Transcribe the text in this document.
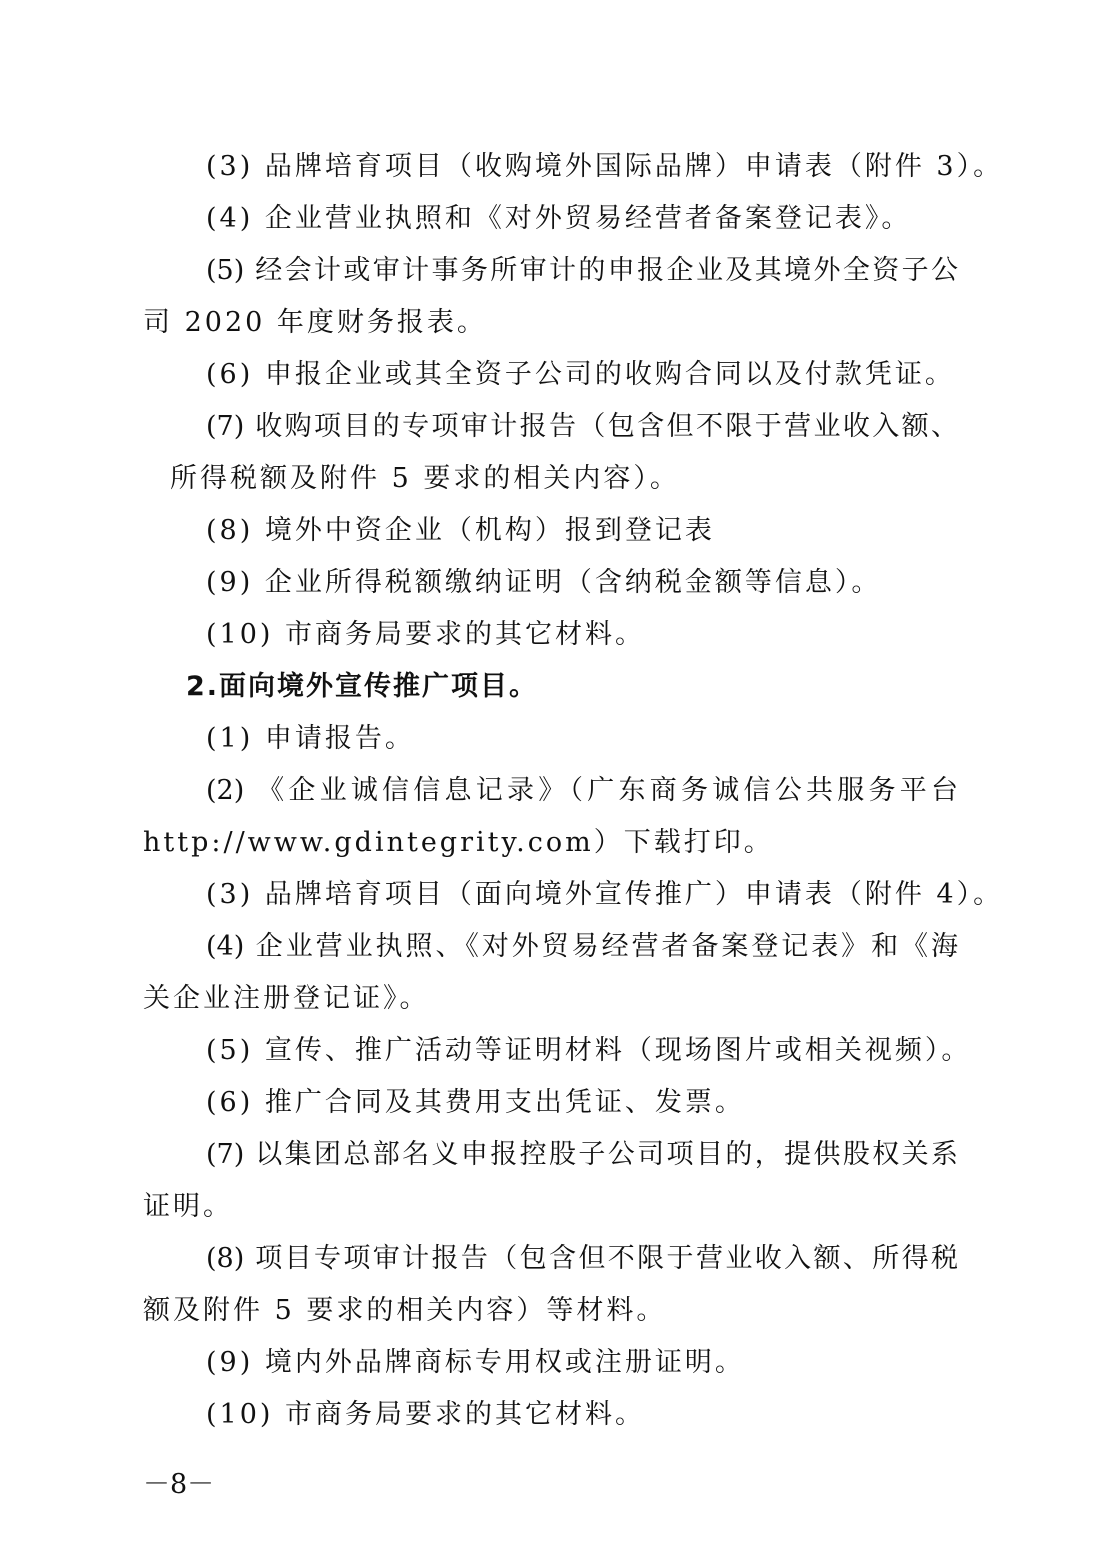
(3) 品牌培育项目（收购境外国际品牌）申请表（附件 3）。
(4) 企业营业执照和《对外贸易经营者备案登记表》。
(5) 经会计或审计事务所审计的申报企业及其境外全资子公
司 2020 年度财务报表。
(6) 申报企业或其全资子公司的收购合同以及付款凭证。
(7) 收购项目的专项审计报告（包含但不限于营业收入额、
所得税额及附件 5 要求的相关内容）。
(8) 境外中资企业（机构）报到登记表
(9) 企业所得税额缴纳证明（含纳税金额等信息）。
(10) 市商务局要求的其它材料。
2.面向境外宣传推广项目。
(1) 申请报告。
(2) 《企业诚信信息记录》（广东商务诚信公共服务平台
http://www.gdintegrity.com）下载打印。
(3) 品牌培育项目（面向境外宣传推广）申请表（附件 4）。
(4) 企业营业执照、《对外贸易经营者备案登记表》和《海
关企业注册登记证》。
(5) 宣传、推广活动等证明材料（现场图片或相关视频）。
(6) 推广合同及其费用支出凭证、发票。
(7) 以集团总部名义申报控股子公司项目的，提供股权关系
证明。
(8) 项目专项审计报告（包含但不限于营业收入额、所得税
额及附件 5 要求的相关内容）等材料。
(9) 境内外品牌商标专用权或注册证明。
(10) 市商务局要求的其它材料。
－8－
